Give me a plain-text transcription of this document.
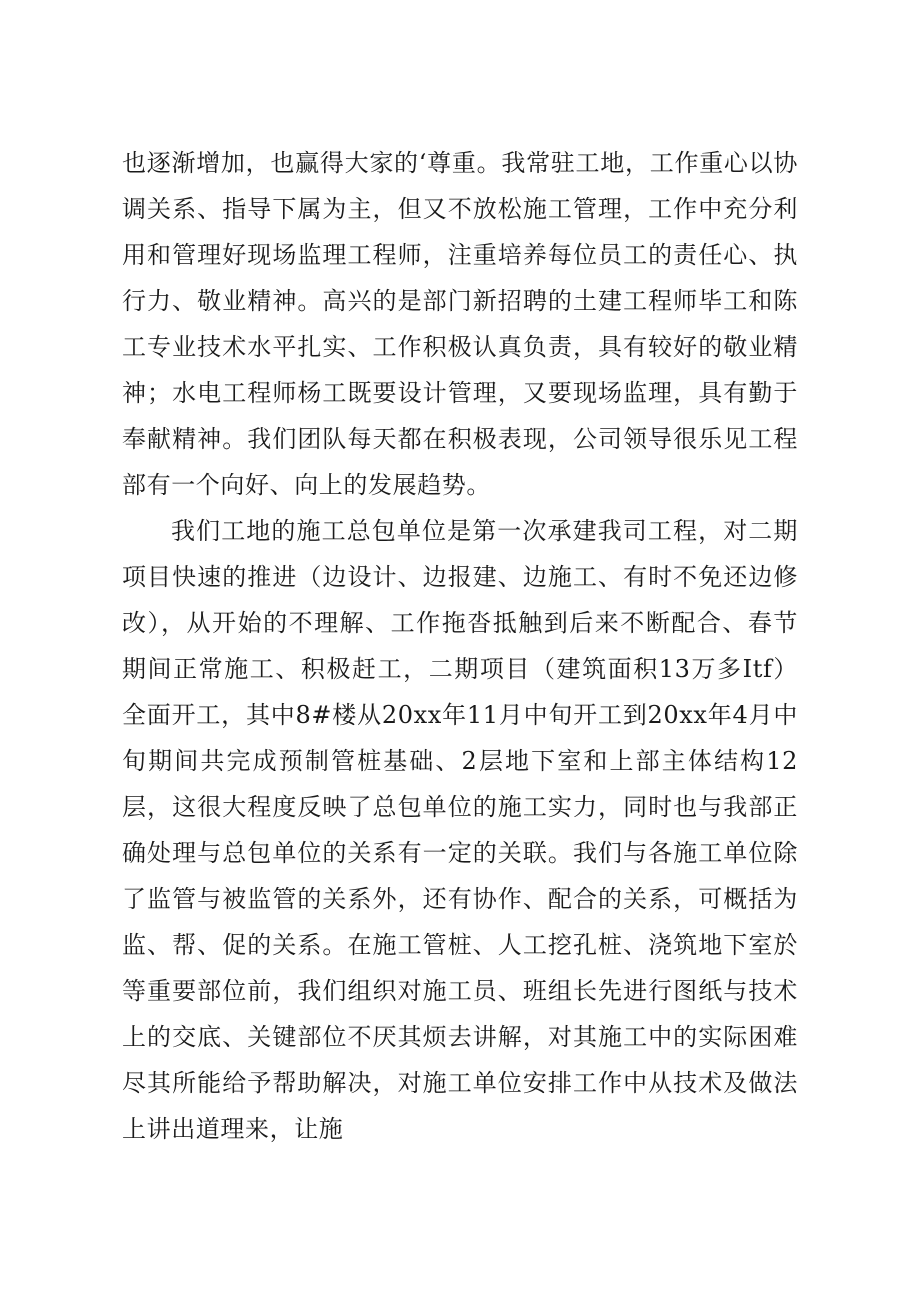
也逐渐增加，也赢得大家的‘尊重。我常驻工地，工作重心以协调关系、指导下属为主，但又不放松施工管理，工作中充分利用和管理好现场监理工程师，注重培养每位员工的责任心、执行力、敬业精神。高兴的是部门新招聘的土建工程师毕工和陈工专业技术水平扎实、工作积极认真负责，具有较好的敬业精神；水电工程师杨工既要设计管理，又要现场监理，具有勤于奉献精神。我们团队每天都在积极表现，公司领导很乐见工程部有一个向好、向上的发展趋势。

我们工地的施工总包单位是第一次承建我司工程，对二期项目快速的推进（边设计、边报建、边施工、有时不免还边修改），从开始的不理解、工作拖沓抵触到后来不断配合、春节期间正常施工、积极赶工，二期项目（建筑面积13万多Itf）全面开工，其中8#楼从20xx年11月中旬开工到20xx年4月中旬期间共完成预制管桩基础、2层地下室和上部主体结构12层，这很大程度反映了总包单位的施工实力，同时也与我部正确处理与总包单位的关系有一定的关联。我们与各施工单位除了监管与被监管的关系外，还有协作、配合的关系，可概括为监、帮、促的关系。在施工管桩、人工挖孔桩、浇筑地下室於等重要部位前，我们组织对施工员、班组长先进行图纸与技术上的交底、关键部位不厌其烦去讲解，对其施工中的实际困难尽其所能给予帮助解决，对施工单位安排工作中从技术及做法上讲出道理来，让施
